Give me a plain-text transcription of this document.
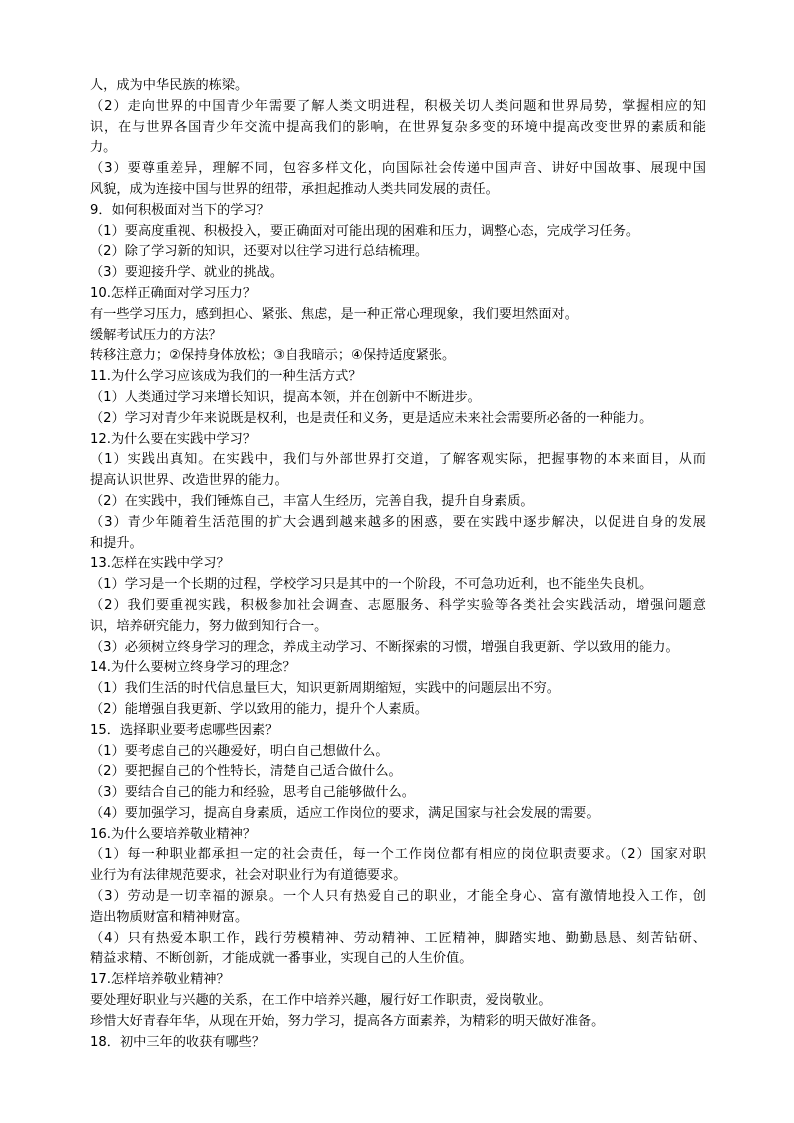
人，成为中华民族的栋梁。
（2）走向世界的中国青少年需要了解人类文明进程，积极关切人类问题和世界局势，掌握相应的知
识，在与世界各国青少年交流中提高我们的影响，在世界复杂多变的环境中提高改变世界的素质和能
力。
（3）要尊重差异，理解不同，包容多样文化，向国际社会传递中国声音、讲好中国故事、展现中国
风貌，成为连接中国与世界的纽带，承担起推动人类共同发展的责任。
9．如何积极面对当下的学习？
（1）要高度重视、积极投入，要正确面对可能出现的困难和压力，调整心态，完成学习任务。
（2）除了学习新的知识，还要对以往学习进行总结梳理。
（3）要迎接升学、就业的挑战。
10.怎样正确面对学习压力？
有一些学习压力，感到担心、紧张、焦虑，是一种正常心理现象，我们要坦然面对。
缓解考试压力的方法？
转移注意力；②保持身体放松；③自我暗示；④保持适度紧张。
11.为什么学习应该成为我们的一种生活方式？
（1）人类通过学习来增长知识，提高本领，并在创新中不断进步。
（2）学习对青少年来说既是权利，也是责任和义务，更是适应未来社会需要所必备的一种能力。
12.为什么要在实践中学习？
（1）实践出真知。在实践中，我们与外部世界打交道，了解客观实际，把握事物的本来面目，从而
提高认识世界、改造世界的能力。
（2）在实践中，我们锤炼自己，丰富人生经历，完善自我，提升自身素质。
（3）青少年随着生活范围的扩大会遇到越来越多的困惑，要在实践中逐步解决，以促进自身的发展
和提升。
13.怎样在实践中学习？
（1）学习是一个长期的过程，学校学习只是其中的一个阶段，不可急功近利，也不能坐失良机。
（2）我们要重视实践，积极参加社会调查、志愿服务、科学实验等各类社会实践活动，增强问题意
识，培养研究能力，努力做到知行合一。
（3）必须树立终身学习的理念，养成主动学习、不断探索的习惯，增强自我更新、学以致用的能力。
14.为什么要树立终身学习的理念？
（1）我们生活的时代信息量巨大，知识更新周期缩短，实践中的问题层出不穷。
（2）能增强自我更新、学以致用的能力，提升个人素质。
15．选择职业要考虑哪些因素？
（1）要考虑自己的兴趣爱好，明白自己想做什么。
（2）要把握自己的个性特长，清楚自己适合做什么。
（3）要结合自己的能力和经验，思考自己能够做什么。
（4）要加强学习，提高自身素质，适应工作岗位的要求，满足国家与社会发展的需要。
16.为什么要培养敬业精神？
（1）每一种职业都承担一定的社会责任，每一个工作岗位都有相应的岗位职责要求。（2）国家对职
业行为有法律规范要求，社会对职业行为有道德要求。
（3）劳动是一切幸福的源泉。一个人只有热爱自己的职业，才能全身心、富有激情地投入工作，创
造出物质财富和精神财富。
（4）只有热爱本职工作，践行劳模精神、劳动精神、工匠精神，脚踏实地、勤勤恳恳、刻苦钻研、
精益求精、不断创新，才能成就一番事业，实现自己的人生价值。
17.怎样培养敬业精神？
要处理好职业与兴趣的关系，在工作中培养兴趣，履行好工作职责，爱岗敬业。
珍惜大好青春年华，从现在开始，努力学习，提高各方面素养，为精彩的明天做好准备。
18．初中三年的收获有哪些？
